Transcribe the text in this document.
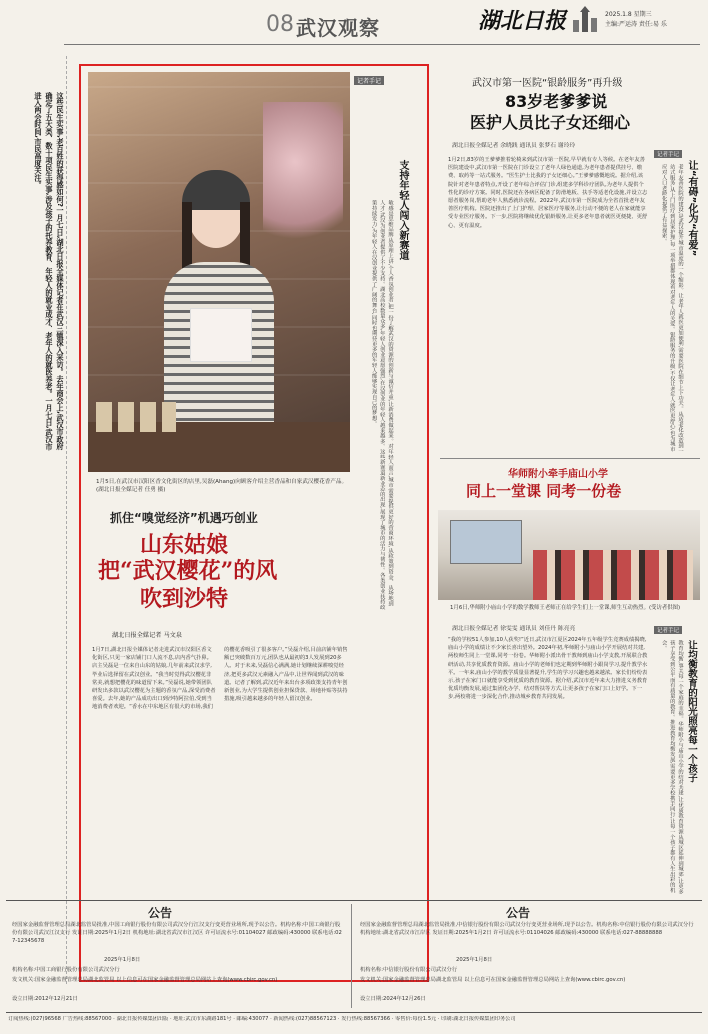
08 武汉观察	湖北日报	2025.1.8 星期三
主编:严运涛 责任:易 乐
这些民生实事,老百姓的获得感如何?一月七日,湖北日报全媒体记者在武汉三镇深入采访。去年商会上,武汉市政府确定了五大类、数十项民生实事,涉及孩子的托养教育、年轻人的就业成才、老年人的就医养老。一月七日,武汉市进入两会时间,市民高度关注。
1月5日,在武汉市汉阳区香文化街区的店里,吴磊(Ahang)向顾客介绍主营香品和自家武汉樱花香产品。(湖北日报全媒记者 任勇 摄)
记者手记
支持年轻人闯入新赛道
敏感是思维品牌从原理上讲,个人香氛创业者,把一份了解武汉的资源的创新与诚信并重,让新消费做起来。对年轻人而言,城市需要提供更好的营商环境,从政策到资金、从场地到人才,武汉为创业者提供了不少支持。湖北高校数量众多,年轻人创业意愿强烈,在汉创业的年轻人越来越多。这些新赛道新业态的出现,展现了城市的活力与韧性。各类创业扶持政策持续发力,为年轻人在汉创业提供了广阔的舞台,同时也期待更多的年轻人能够实现自己的梦想。
抓住“嗅觉经济”机遇巧创业
山东姑娘
把“武汉樱花”的风
吹到沙特
湖北日报全媒记者 马文泉
1月7日,湖北日报全媒体记者走进武汉市汉阳区香文化街区,只见一家店铺门口人流不息,店内香气扑鼻。店主吴磊是一位来自山东的姑娘,几年前来武汉求学,毕业后选择留在武汉创业。“我当时觉得武汉樱花非常美,就想把樱花的味道留下来。”吴磊说,她带领团队研发出多款以武汉樱花为主题的香氛产品,深受消费者喜爱。去年,她的产品成功出口到沙特阿拉伯,受到当地消费者欢迎。“香水在中东地区有很大的市场,我们的樱花香吸引了很多客户。”吴磊介绍,目前店铺年销售额已突破数百万元,团队也从最初的3人发展到20多人。对于未来,吴磊信心满满,她计划继续深耕嗅觉经济,把更多武汉元素融入产品中,让世界闻到武汉的味道。记者了解到,武汉近年来出台多项政策支持青年创新创业,为大学生提供创业担保贷款、场地补贴等扶持措施,吸引越来越多的年轻人留汉创业。
武汉市第一医院“银龄服务”再升级
83岁老爹爹说
医护人员比子女还细心
湖北日报全媒记者 余晓践 通讯员 张梦石 谢玲玲
1月2日,83岁的王爹爹推着轮椅来到武汉市第一医院,早早就有专人等候。在老年友善医院建设中,武汉市第一医院在门诊设立了老年人绿色通道,为老年患者提供挂号、缴费、取药等一站式服务。“医生护士比我的子女还细心。”王爹爹感慨地说。据介绍,该院针对老年患者特点,开设了老年综合评估门诊,组建多学科诊疗团队,为老年人提供个性化的诊疗方案。同时,医院还在各病区配备了防滑地板、扶手等适老化设施,并设立志愿者服务岗,帮助老年人熟悉就诊流程。2022年,武汉市第一医院成为全省首批老年友善医疗机构。医院还推出了上门护理、居家医疗等服务,让行动不便的老人在家就能享受专业医疗服务。下一步,医院将继续优化银龄服务,让更多老年患者就医更便捷、更舒心、更有温度。
记者手记
老年友善医院的建设,是武汉提升城市温度的一个缩影。让老年人就医更加便利,需要医院在细节上下功夫。从适老化改造到一站式服务,从上门医疗到居家护理,每一项举措都体现着对老年人的关爱。银龄服务的升级,不仅让老年人就医更舒心,也为城市应对人口老龄化提供了有益探索。	让“有碍”化为“有爱”
华师附小牵手庙山小学
同上一堂课 同考一份卷
1月6日,华师附小庙山小学的数学教师王老师正在给学生们上一堂课,师生互动热烈。(受访者供图)
湖北日报全媒记者 徐雯雯 通讯员 刘佳丹 陈亮亮
“我的学校51人参加,10人获奖!”近日,武汉市江夏区2024年五年级学生竞赛成绩揭晓,庙山小学的成绩让不少家长喜出望外。2024年初,华师附小与庙山小学开展结对共建,两校师生同上一堂课,同考一份卷。华师附小派出骨干教师到庙山小学支教,开展联合教研活动,共享优质教育资源。庙山小学的老师们也定期到华师附小跟岗学习,提升教学水平。一年来,庙山小学的教学质量显著提升,学生的学习兴趣也越来越浓。家长们纷纷表示,孩子在家门口就能享受到优质的教育资源。据介绍,武汉市近年来大力推进义务教育优质均衡发展,通过集团化办学、结对帮扶等方式,让更多孩子在家门口上好学。下一步,两校将进一步深化合作,推动城乡教育共同发展。
记者手记
教育均衡,事关每一个家庭的幸福。华师附小与庙山小学的结对共建,让优质教育资源从城区延伸到城郊,让更多孩子享受到公平而有质量的教育。推进教育均衡发展,需要更多学校携手同行,让每一个孩子都有人生出彩的机会。	让均衡教育的阳光照亮每一个孩子
公告
经国家金融监督管理总局湖北监管局批准,中国工商银行股份有限公司武汉分行江汉支行变更营业场所,现予以公告。机构名称:中国工商银行股份有限公司武汉江汉支行 发证日期:2025年1月2日 机构地址:湖北省武汉市江汉区 许可证流水号:01104027 邮政编码:430000 联系电话:027-12345678
2025年1月8日
机构名称:中国工商银行股份有限公司武汉分行
发文机关:国家金融监督管理总局湖北监管局 以上信息可在国家金融监督管理总局网站上查询(www.cbirc.gov.cn)
设立日期:2012年12月21日
公告
经国家金融监督管理总局湖北监管局批准,中信银行股份有限公司武汉分行变更营业场所,现予以公告。机构名称:中信银行股份有限公司武汉分行 机构地址:湖北省武汉市江岸区 发证日期:2025年1月2日 许可证流水号:01104026 邮政编码:430000 联系电话:027-88888888
2025年1月8日
机构名称:中信银行股份有限公司武汉分行
发文机关:国家金融监督管理总局湖北监管局 以上信息可在国家金融监督管理总局网站上查询(www.cbirc.gov.cn)
设立日期:2024年12月26日
订阅热线:(027)96568 广告热线:88567000 · 湖北日报传媒集团出版 · 地址:武汉市东湖路181号 · 邮编:430077 · 新闻热线:(027)88567123 · 发行热线:88567366 · 零售价:每份1.5元 · 印刷:湖北日报传媒集团印务公司
